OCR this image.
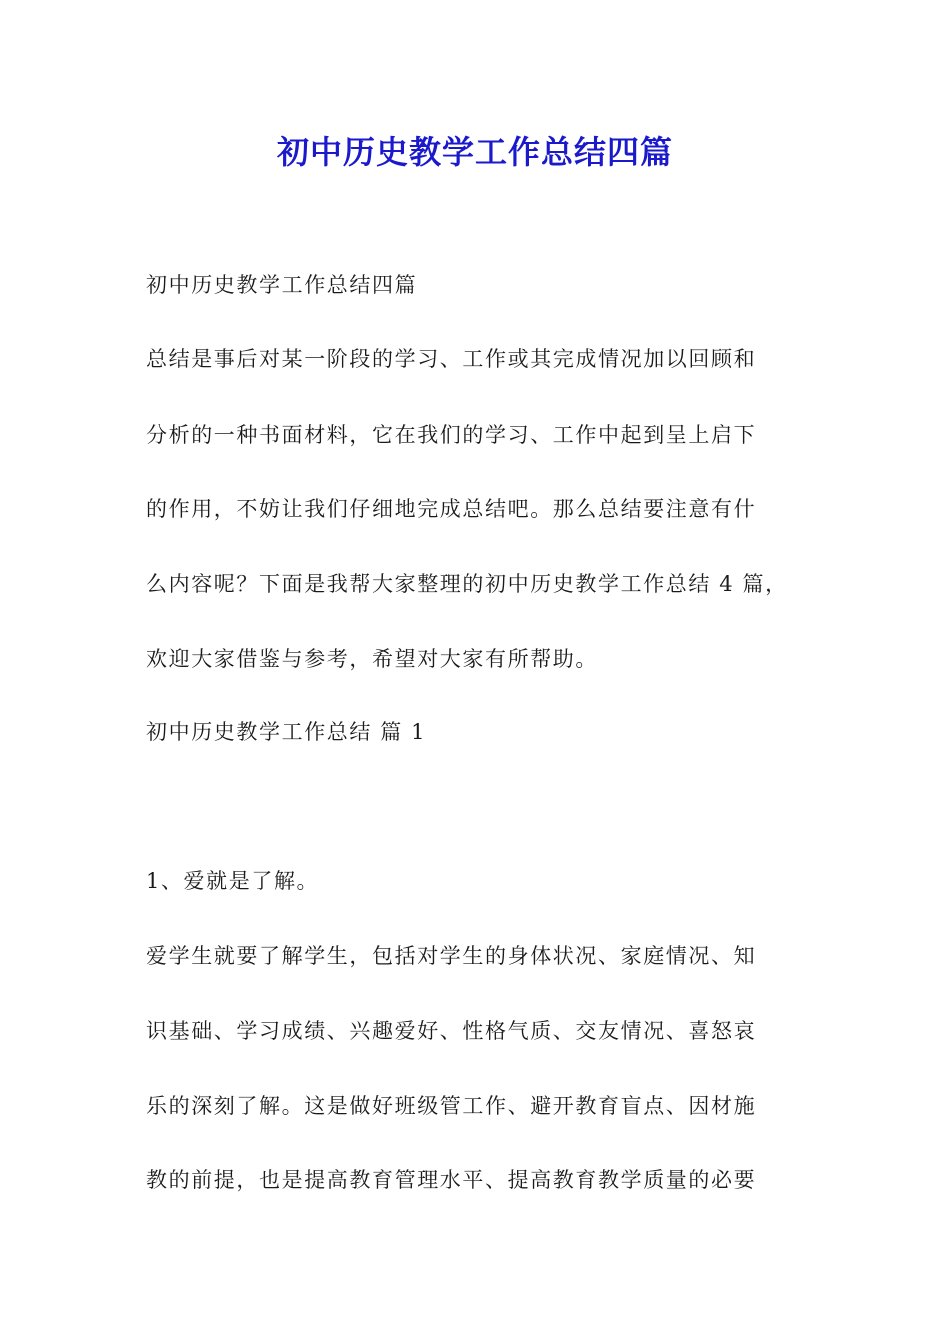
初中历史教学工作总结四篇
初中历史教学工作总结四篇
总结是事后对某一阶段的学习、工作或其完成情况加以回顾和
分析的一种书面材料，它在我们的学习、工作中起到呈上启下
的作用，不妨让我们仔细地完成总结吧。那么总结要注意有什
么内容呢？下面是我帮大家整理的初中历史教学工作总结 4 篇，
欢迎大家借鉴与参考，希望对大家有所帮助。
初中历史教学工作总结 篇 1
1、爱就是了解。
爱学生就要了解学生，包括对学生的身体状况、家庭情况、知
识基础、学习成绩、兴趣爱好、性格气质、交友情况、喜怒哀
乐的深刻了解。这是做好班级管工作、避开教育盲点、因材施
教的前提，也是提高教育管理水平、提高教育教学质量的必要
